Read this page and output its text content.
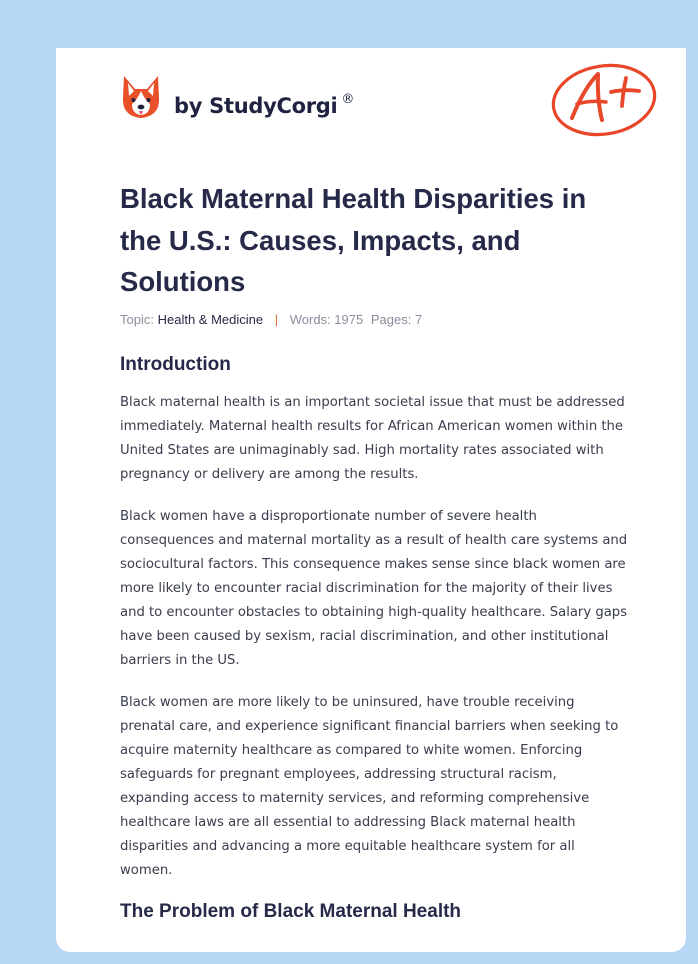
by StudyCorgi ®
Black Maternal Health Disparities in the U.S.: Causes, Impacts, and Solutions
Topic: Health & Medicine | Words: 1975 Pages: 7
Introduction

Black maternal health is an important societal issue that must be addressed immediately. Maternal health results for African American women within the United States are unimaginably sad. High mortality rates associated with pregnancy or delivery are among the results.

Black women have a disproportionate number of severe health consequences and maternal mortality as a result of health care systems and sociocultural factors. This consequence makes sense since black women are more likely to encounter racial discrimination for the majority of their lives and to encounter obstacles to obtaining high-quality healthcare. Salary gaps have been caused by sexism, racial discrimination, and other institutional barriers in the US.

Black women are more likely to be uninsured, have trouble receiving prenatal care, and experience significant financial barriers when seeking to acquire maternity healthcare as compared to white women. Enforcing safeguards for pregnant employees, addressing structural racism, expanding access to maternity services, and reforming comprehensive healthcare laws are all essential to addressing Black maternal health disparities and advancing a more equitable healthcare system for all women.

The Problem of Black Maternal Health
